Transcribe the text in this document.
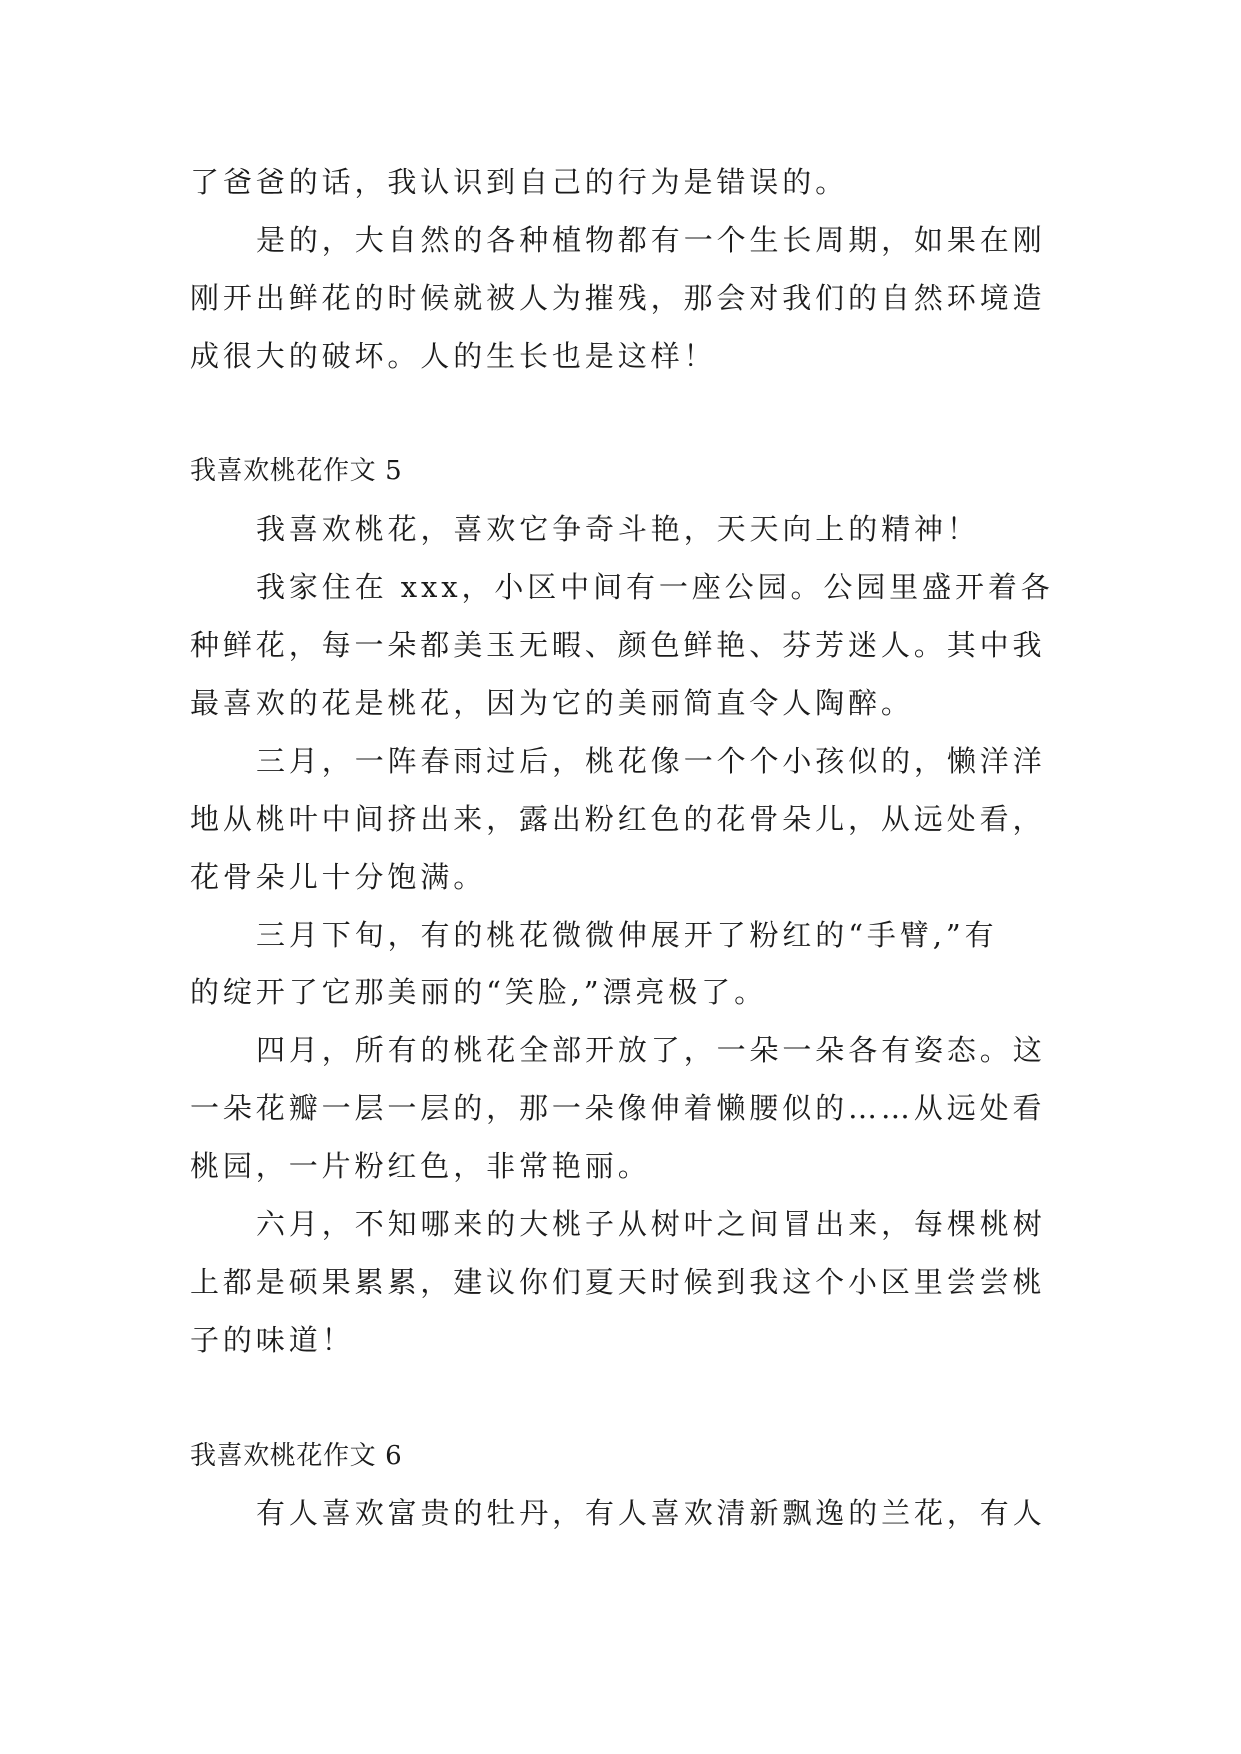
了爸爸的话，我认识到自己的行为是错误的。
是的，大自然的各种植物都有一个生长周期，如果在刚
刚开出鲜花的时候就被人为摧残，那会对我们的自然环境造
成很大的破坏。人的生长也是这样！
我喜欢桃花作文 5
我喜欢桃花，喜欢它争奇斗艳，天天向上的精神！
我家住在 xxx，小区中间有一座公园。公园里盛开着各
种鲜花，每一朵都美玉无暇、颜色鲜艳、芬芳迷人。其中我
最喜欢的花是桃花，因为它的美丽简直令人陶醉。
三月，一阵春雨过后，桃花像一个个小孩似的，懒洋洋
地从桃叶中间挤出来，露出粉红色的花骨朵儿，从远处看，
花骨朵儿十分饱满。
三月下旬，有的桃花微微伸展开了粉红的“手臂,”有
的绽开了它那美丽的“笑脸,”漂亮极了。
四月，所有的桃花全部开放了，一朵一朵各有姿态。这
一朵花瓣一层一层的，那一朵像伸着懒腰似的……从远处看
桃园，一片粉红色，非常艳丽。
六月，不知哪来的大桃子从树叶之间冒出来，每棵桃树
上都是硕果累累，建议你们夏天时候到我这个小区里尝尝桃
子的味道！
我喜欢桃花作文 6
有人喜欢富贵的牡丹，有人喜欢清新飘逸的兰花，有人
